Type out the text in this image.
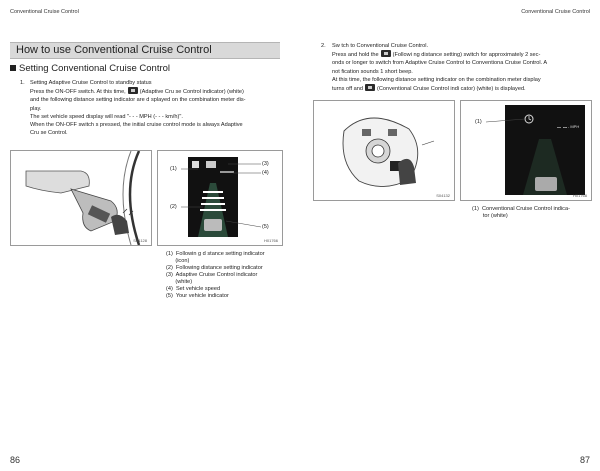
Conventional Cruise Control	Conventional Cruise Control
How to use Conventional Cruise Control
Setting Conventional Cruise Control
1. Setting Adaptive Cruise Control to standby status
Press the ON-OFF switch. At this time,	(Adaptive Cru se Control indicator) (white)
and the following distance setting indicator are d splayed on the combination meter dis-
play.
The set vehicle speed display will read "- - - MPH (- - - km/h)".
When the ON-OFF switch s pressed, the initial cruise control mode is always Adaptive
Cru se Control.
S04128
(1)
(2)
(3)
(4)
(5)
H01766
(1)  Followin g d stance setting indicator
(icon)
(2)  Following distance setting indicator
(3)  Adaptive Cruise Control indicator
(white)
(4)  Set vehicle speed
(5)  Your vehicle indicator
2. Sw tch to Conventional Cruise Control.
Press and hold the	(Followi ng distance setting) switch for approximately 2 sec-
onds or longer to switch from Adaptive Cruise Control to Conventiona Cruise Control. A
not fication sounds 1 short beep.
At this time, the following distance setting indicator on the combination meter display
turns off and	(Conventional Cruise Control indi cator) (white) is displayed.
S04132
- - - MPH
(1)
H01768
(1)  Conventional Cruise Control indica-
tor (white)
86	87
